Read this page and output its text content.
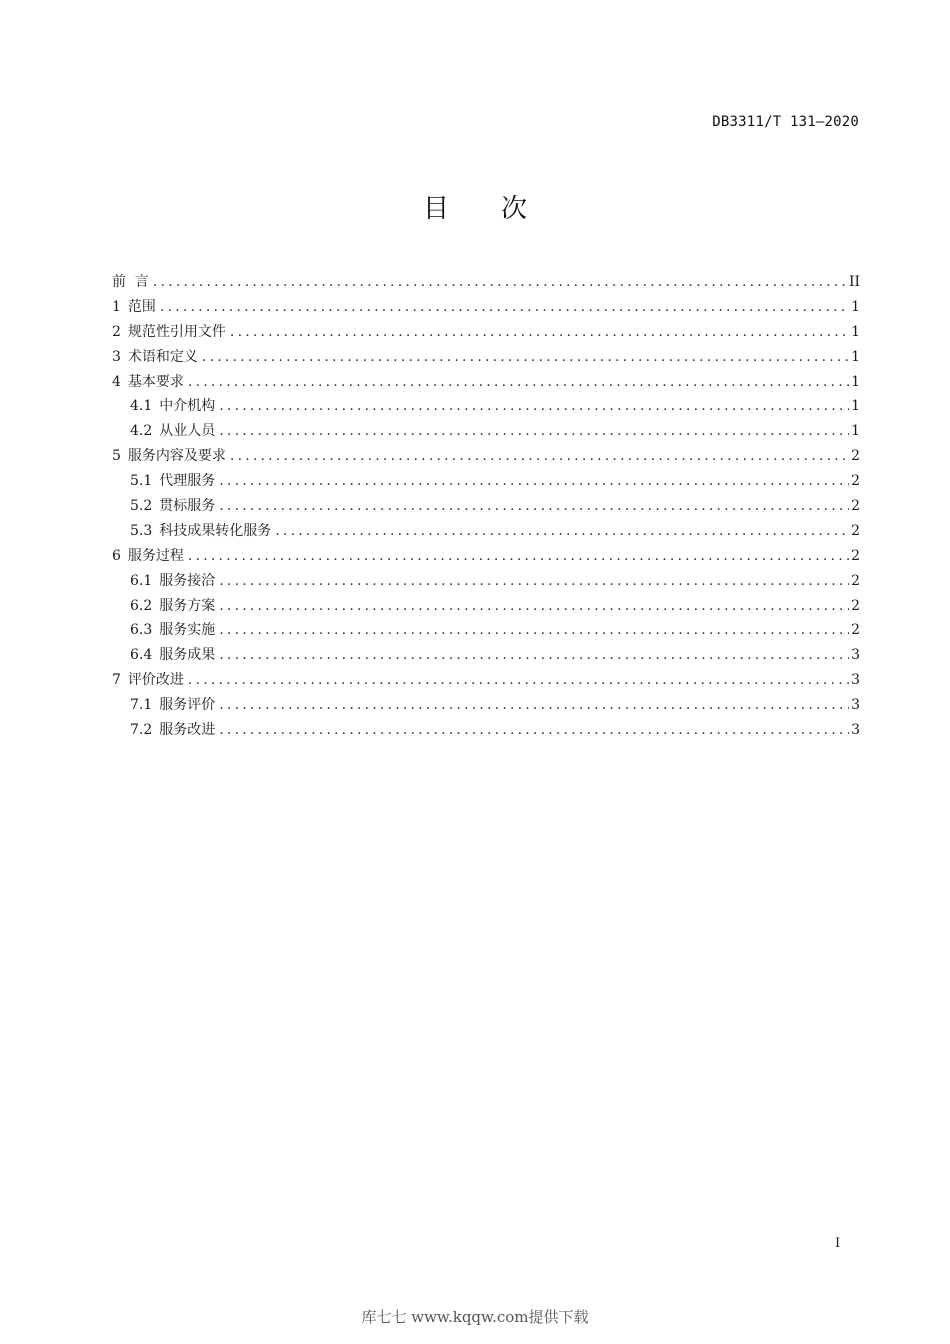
DB3311/T 131—2020
目次
前  言 .....	II
1 范围 .....	1
2 规范性引用文件 .....	1
3 术语和定义 .....	1
4 基本要求 .....	1
4.1 中介机构 .....	1
4.2 从业人员 .....	1
5 服务内容及要求 .....	2
5.1 代理服务 .....	2
5.2 贯标服务 .....	2
5.3 科技成果转化服务 .....	2
6 服务过程 .....	2
6.1 服务接洽 .....	2
6.2 服务方案 .....	2
6.3 服务实施 .....	2
6.4 服务成果 .....	3
7 评价改进 .....	3
7.1 服务评价 .....	3
7.2 服务改进 .....	3
I
库七七 www.kqqw.com提供下载
